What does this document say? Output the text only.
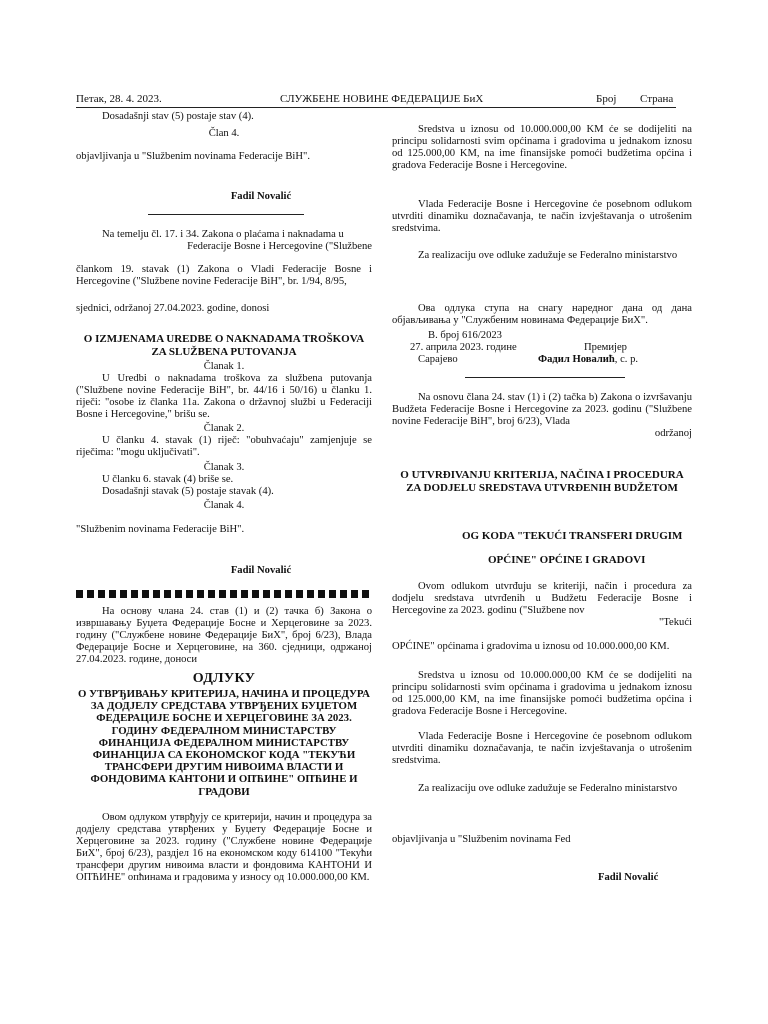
Петак, 28. 4. 2023.	СЛУЖБЕНЕ НОВИНЕ ФЕДЕРАЦИЈЕ БиХ	Број Страна
Dosadašnji stav (5) postaje stav (4).
Član 4.
objavljivanja u "Službenim novinama Federacije BiH".
Fadil Novalić
Na temelju čl. 17. i 34. Zakona o plaćama i naknadama u
Federacije Bosne i Hercegovine ("Službene
člankom 19. stavak (1) Zakona o Vladi Federacije Bosne i Hercegovine ("Službene novine Federacije BiH", br. 1/94, 8/95,
sjednici, održanoj 27.04.2023. godine, donosi
O IZMJENAMA UREDBE O NAKNADAMA TROŠKOVA ZA SLUŽBENA PUTOVANJA
Članak 1.
U Uredbi o naknadama troškova za službena putovanja ("Službene novine Federacije BiH", br. 44/16 i 50/16) u članku 1. riječi: "osobe iz članka 11a. Zakona o državnoj službi u Federaciji Bosne i Hercegovine," brišu se.
Članak 2.
U članku 4. stavak (1) riječ: "obuhvaćaju" zamjenjuje se riječima: "mogu uključivati".
Članak 3.
U članku 6. stavak (4) briše se.
Dosadašnji stavak (5) postaje stavak (4).
Članak 4.
"Službenim novinama Federacije BiH".
Fadil Novalić
На основу члана 24. став (1) и (2) тачка б) Закона о извршавању Буџета Федерације Босне и Херцеговине за 2023. годину ("Службене новине Федерације БиХ", број 6/23), Влада Федерације Босне и Херцеговине, на 360. сједници, одржаној 27.04.2023. године, доноси
ОДЛУКУ
О УТВРЂИВАЊУ КРИТЕРИЈА, НАЧИНА И ПРОЦЕДУРА ЗА ДОДЈЕЛУ СРЕДСТАВА УТВРЂЕНИХ БУЏЕТОМ ФЕДЕРАЦИЈЕ БОСНЕ И ХЕРЦЕГОВИНЕ ЗА 2023. ГОДИНУ ФЕДЕРАЛНОМ МИНИСТАРСТВУ ФИНАНЦИЈА ФЕДЕРАЛНОМ МИНИСТАРСТВУ ФИНАНЦИЈА СА ЕКОНОМСКОГ КОДА "ТЕКУЋИ ТРАНСФЕРИ ДРУГИМ НИВОИМА ВЛАСТИ И ФОНДОВИМА КАНТОНИ И ОПЋИНЕ" ОПЋИНЕ И ГРАДОВИ
Овом одлуком утврђују се критерији, начин и процедура за додјелу средстава утврђених у Буџету Федерације Босне и Херцеговине за 2023. годину ("Службене новине Федерације БиХ", број 6/23), раздјел 16 на економском коду 614100 "Текући трансфери другим нивоима власти и фондовима КАНТОНИ И ОПЋИНЕ" опћинама и градовима у износу од 10.000.000,00 КМ.
Sredstva u iznosu od 10.000.000,00 KM će se dodijeliti na principu solidarnosti svim općinama i gradovima u jednakom iznosu od 125.000,00 KM, na ime finansijske pomoći budžetima općina i gradova Federacije Bosne i Hercegovine.
Vlada Federacije Bosne i Hercegovine će posebnom odlukom utvrditi dinamiku doznačavanja, te način izvještavanja o utrošenim sredstvima.
Za realizaciju ove odluke zadužuje se Federalno ministarstvo
Ова одлука ступа на снагу наредног дана од дана објављивања у "Службеним новинама Федерације БиХ".
В. број 616/2023
27. априла 2023. године	Премијер
Сарајево	Фадил Новалић, с. р.
Na osnovu člana 24. stav (1) i (2) tačka b) Zakona o izvršavanju Budžeta Federacije Bosne i Hercegovine za 2023. godinu ("Službene novine Federacije BiH", broj 6/23), Vlada
održanoj
O UTVRĐIVANJU KRITERIJA, NAČINA I PROCEDURA ZA DODJELU SREDSTAVA UTVRĐENIH BUDŽETOM
OG KODA "TEKUĆI TRANSFERI DRUGIM
OPĆINE" OPĆINE I GRADOVI
Ovom odlukom utvrđuju se kriteriji, način i procedura za dodjelu sredstava utvrđenih u Budžetu Federacije Bosne i Hercegovine za 2023. godinu ("Službene nov
"Tekući
OPĆINE" općinama i gradovima u iznosu od 10.000.000,00 KM.
Sredstva u iznosu od 10.000.000,00 KM će se dodijeliti na principu solidarnosti svim općinama i gradovima u jednakom iznosu od 125.000,00 KM, na ime finansijske pomoći budžetima općina i gradova Federacije Bosne i Hercegovine.
Vlada Federacije Bosne i Hercegovine će posebnom odlukom utvrditi dinamiku doznačavanja, te način izvještavanja o utrošenim sredstvima.
Za realizaciju ove odluke zadužuje se Federalno ministarstvo
objavljivanja u "Službenim novinama Fed
Fadil Novalić
